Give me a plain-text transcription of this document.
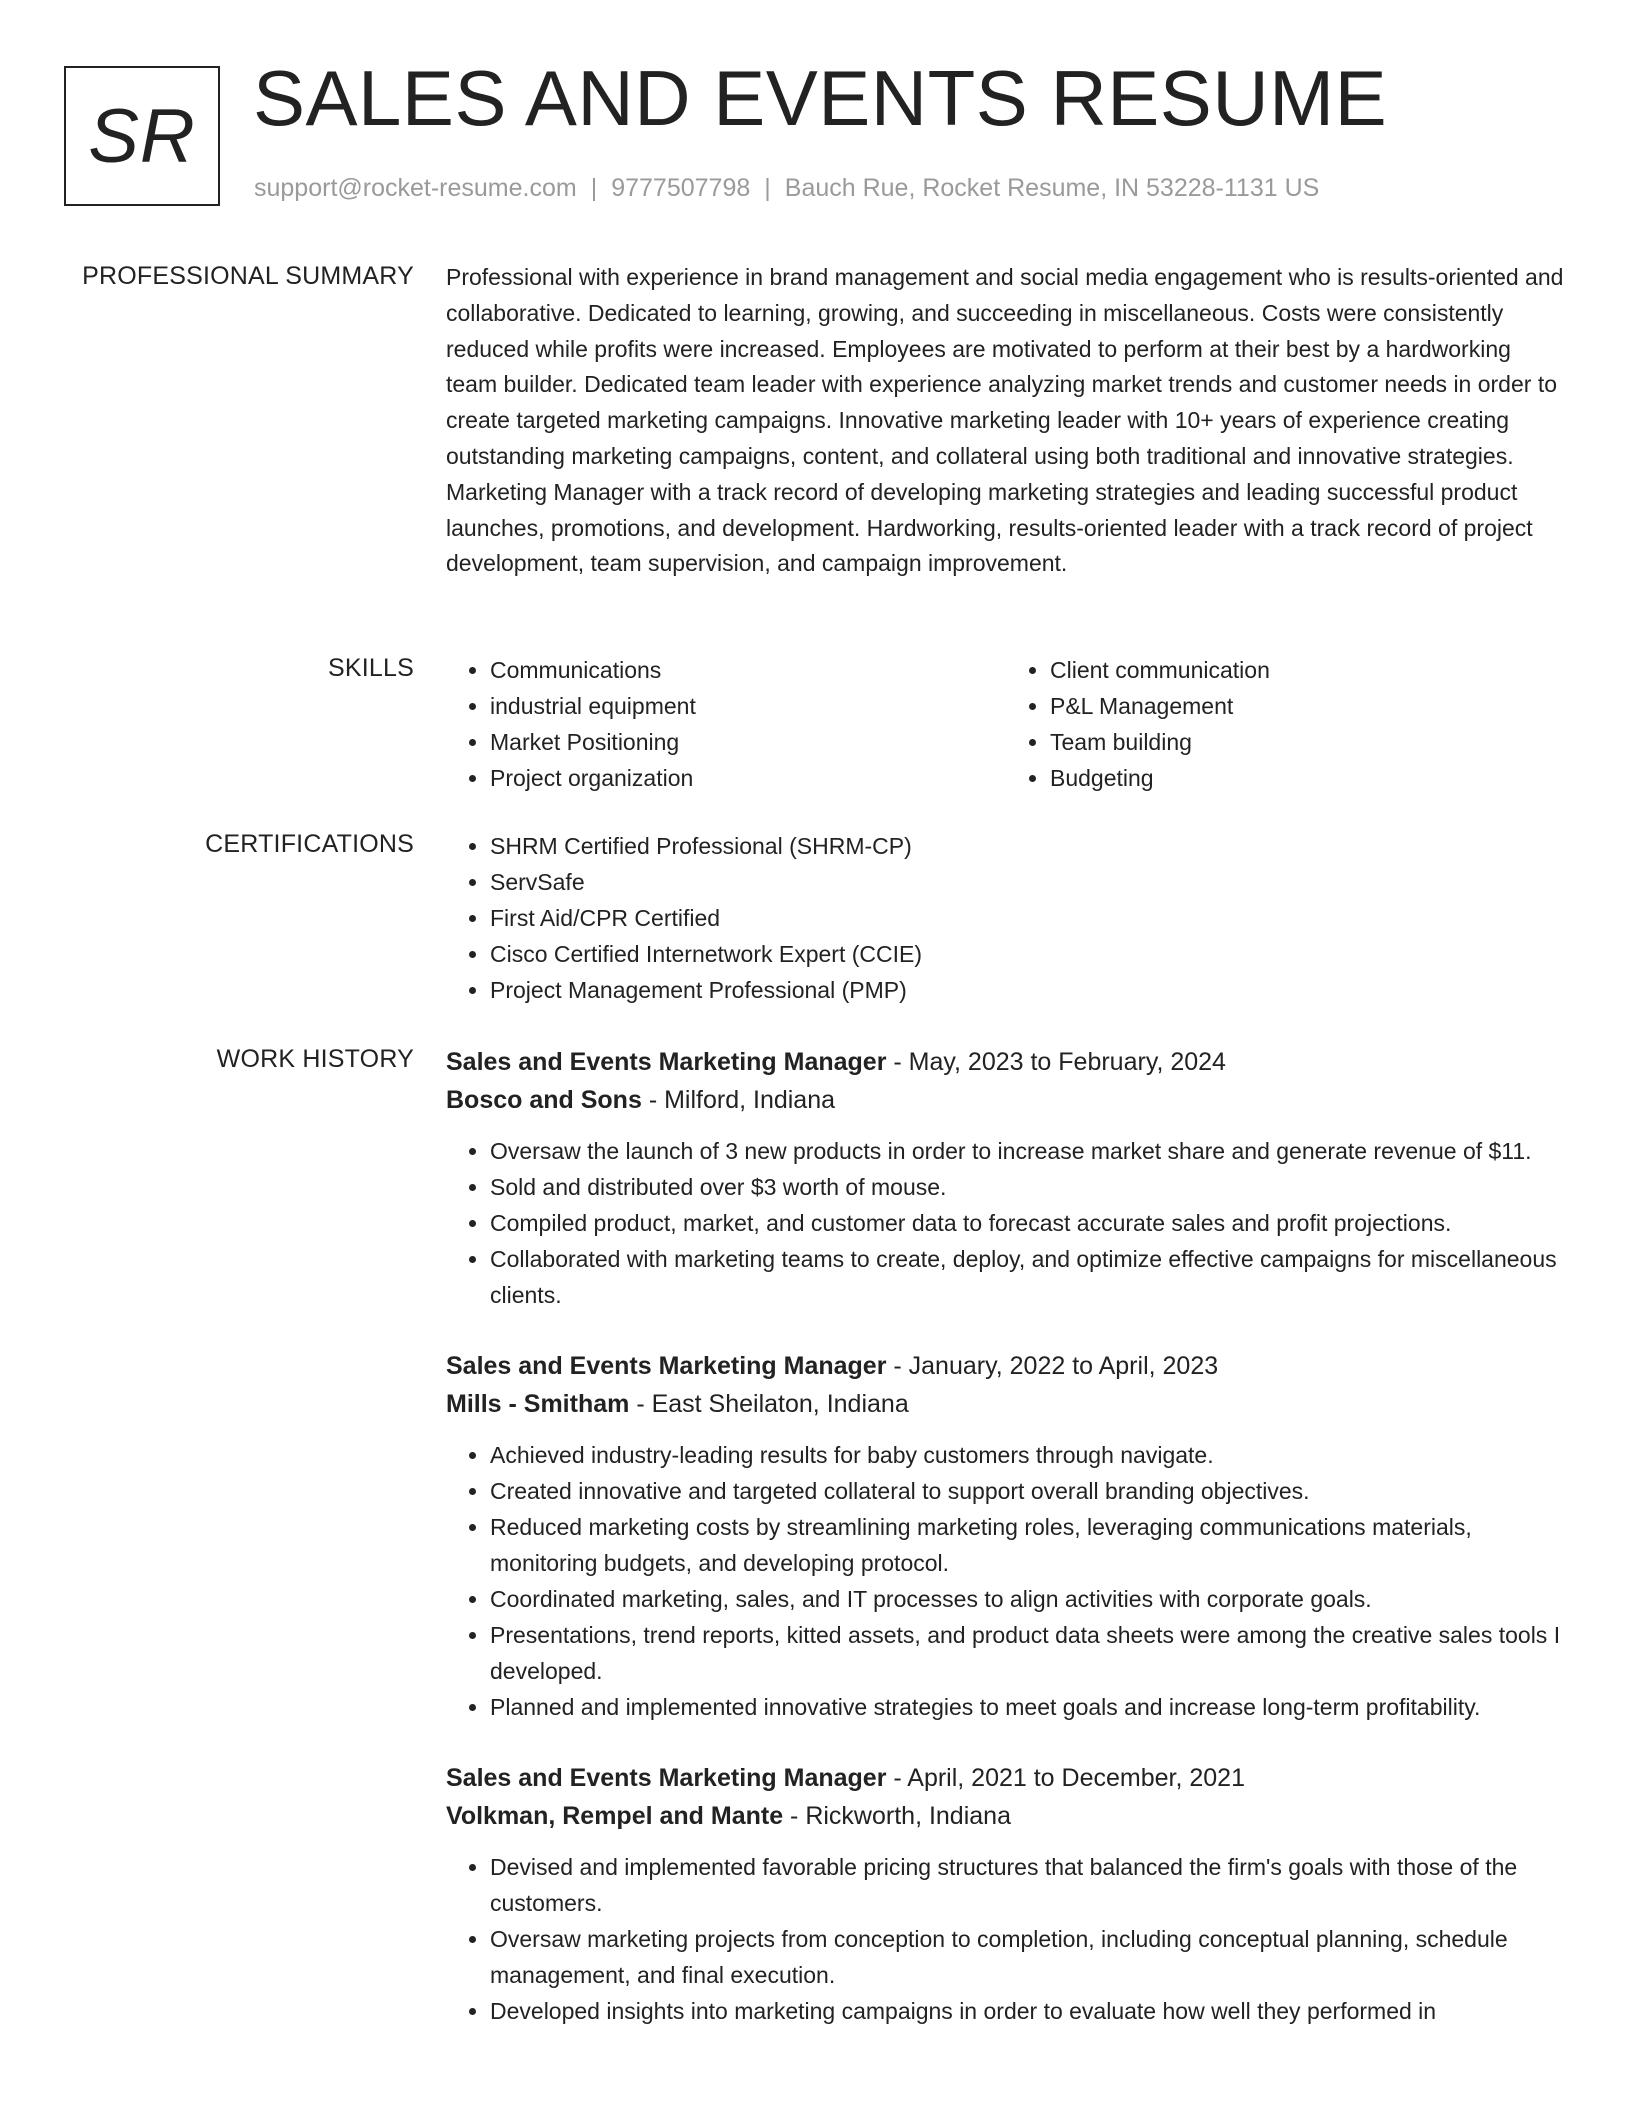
SR SALES AND EVENTS RESUME
support@rocket-resume.com | 9777507798 | Bauch Rue, Rocket Resume, IN 53228-1131 US
PROFESSIONAL SUMMARY Professional with experience in brand management and social media engagement who is results-oriented and collaborative. Dedicated to learning, growing, and succeeding in miscellaneous. Costs were consistently reduced while profits were increased. Employees are motivated to perform at their best by a hardworking team builder. Dedicated team leader with experience analyzing market trends and customer needs in order to create targeted marketing campaigns. Innovative marketing leader with 10+ years of experience creating outstanding marketing campaigns, content, and collateral using both traditional and innovative strategies. Marketing Manager with a track record of developing marketing strategies and leading successful product launches, promotions, and development. Hardworking, results-oriented leader with a track record of project development, team supervision, and campaign improvement.

SKILLS	• Communications
• industrial equipment
• Market Positioning
• Project organization
• Client communication
• P&L Management
• Team building
• Budgeting
CERTIFICATIONS	• SHRM Certified Professional (SHRM-CP)
• ServSafe
• First Aid/CPR Certified
• Cisco Certified Internetwork Expert (CCIE)
• Project Management Professional (PMP)
WORK HISTORY Sales and Events Marketing Manager - May, 2023 to February, 2024
Bosco and Sons - Milford, Indiana
• Oversaw the launch of 3 new products in order to increase market share and generate revenue of $11.
• Sold and distributed over $3 worth of mouse.
• Compiled product, market, and customer data to forecast accurate sales and profit projections.
• Collaborated with marketing teams to create, deploy, and optimize effective campaigns for miscellaneous clients.
Sales and Events Marketing Manager - January, 2022 to April, 2023
Mills - Smitham - East Sheilaton, Indiana
• Achieved industry-leading results for baby customers through navigate.
• Created innovative and targeted collateral to support overall branding objectives.
• Reduced marketing costs by streamlining marketing roles, leveraging communications materials, monitoring budgets, and developing protocol.
• Coordinated marketing, sales, and IT processes to align activities with corporate goals.
• Presentations, trend reports, kitted assets, and product data sheets were among the creative sales tools I developed.
• Planned and implemented innovative strategies to meet goals and increase long-term profitability.
Sales and Events Marketing Manager - April, 2021 to December, 2021
Volkman, Rempel and Mante - Rickworth, Indiana
• Devised and implemented favorable pricing structures that balanced the firm's goals with those of the customers.
• Oversaw marketing projects from conception to completion, including conceptual planning, schedule management, and final execution.
• Developed insights into marketing campaigns in order to evaluate how well they performed in
